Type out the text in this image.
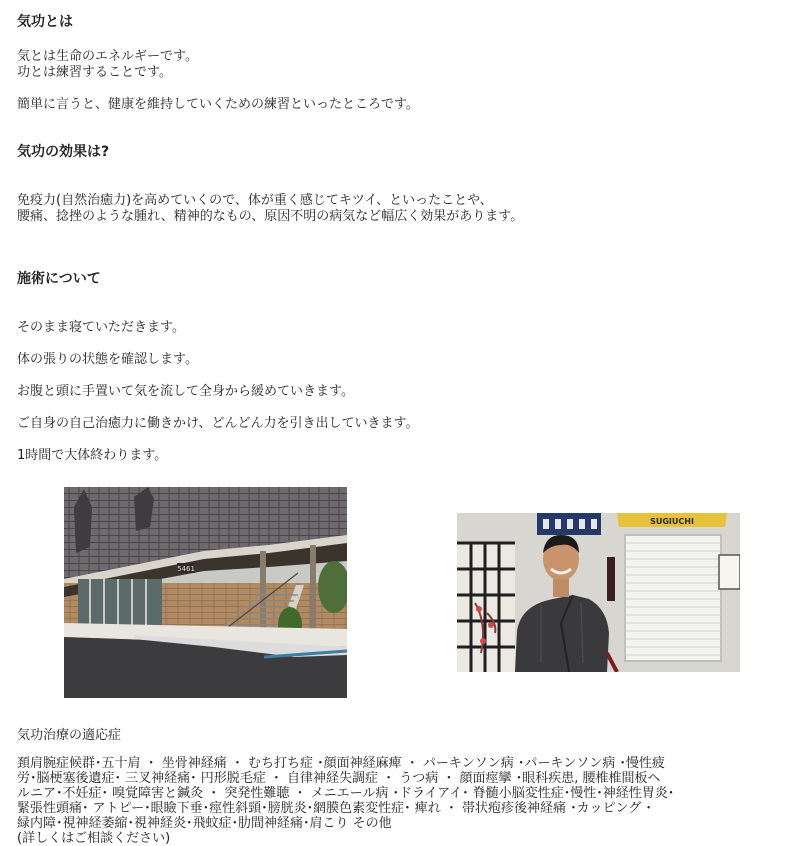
気功とは
気とは生命のエネルギーです。
功とは練習することです。
簡単に言うと、健康を維持していくための練習といったところです。
気功の効果は?
免疫力(自然治癒力)を高めていくので、体が重く感じてキツイ、といったことや、
腰痛、捻挫のような腫れ、精神的なもの、原因不明の病気など幅広く効果があります。
施術について
そのまま寝ていただきます。
体の張りの状態を確認します。
お腹と頭に手置いて気を流して全身から緩めていきます。
ご自身の自己治癒力に働きかけ、どんどん力を引き出していきます。
1時間で大体終わります。
5461
SUGIUCHI
気功治療の適応症
頚肩腕症候群･五十肩 ・ 坐骨神経痛 ・ むち打ち症 ･顔面神経麻痺 ・ パーキンソン病 ･パーキンソン病 ･慢性疲
労･脳梗塞後遺症･ 三叉神経痛･ 円形脱毛症 ・ 自律神経失調症 ・ うつ病 ・ 顔面痙攣 ･眼科疾患, 腰椎椎間板ヘ
ルニア･不妊症･ 嗅覚障害と鍼灸 ・ 突発性難聴 ・ メニエール病 ･ドライアイ･ 脊髄小脳変性症･慢性･神経性胃炎･
緊張性頭痛･ アトピー･眼瞼下垂･痙性斜頸･膀胱炎･網膜色素変性症･ 痺れ ・ 帯状疱疹後神経痛 ･カッピング ･
緑内障･視神経萎縮･視神経炎･飛蚊症･肋間神経痛･肩こり その他
(詳しくはご相談ください)
